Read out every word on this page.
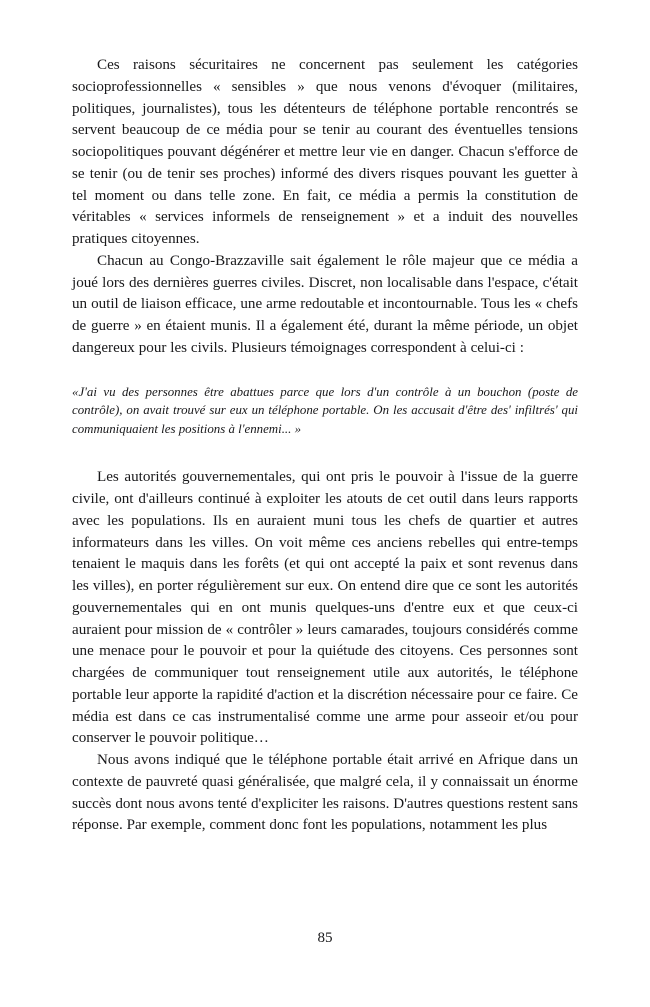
Ces raisons sécuritaires ne concernent pas seulement les catégories socioprofessionnelles « sensibles » que nous venons d'évoquer (militaires, politiques, journalistes), tous les détenteurs de téléphone portable rencontrés se servent beaucoup de ce média pour se tenir au courant des éventuelles tensions sociopolitiques pouvant dégénérer et mettre leur vie en danger. Chacun s'efforce de se tenir (ou de tenir ses proches) informé des divers risques pouvant les guetter à tel moment ou dans telle zone. En fait, ce média a permis la constitution de véritables « services informels de renseignement » et a induit des nouvelles pratiques citoyennes.

Chacun au Congo-Brazzaville sait également le rôle majeur que ce média a joué lors des dernières guerres civiles. Discret, non localisable dans l'espace, c'était un outil de liaison efficace, une arme redoutable et incontournable. Tous les « chefs de guerre » en étaient munis. Il a également été, durant la même période, un objet dangereux pour les civils. Plusieurs témoignages correspondent à celui-ci :

«J'ai vu des personnes être abattues parce que lors d'un contrôle à un bouchon (poste de contrôle), on avait trouvé sur eux un téléphone portable. On les accusait d'être des' infiltrés' qui communiquaient les positions à l'ennemi... »

Les autorités gouvernementales, qui ont pris le pouvoir à l'issue de la guerre civile, ont d'ailleurs continué à exploiter les atouts de cet outil dans leurs rapports avec les populations. Ils en auraient muni tous les chefs de quartier et autres informateurs dans les villes. On voit même ces anciens rebelles qui entre-temps tenaient le maquis dans les forêts (et qui ont accepté la paix et sont revenus dans les villes), en porter régulièrement sur eux. On entend dire que ce sont les autorités gouvernementales qui en ont munis quelques-uns d'entre eux et que ceux-ci auraient pour mission de « contrôler » leurs camarades, toujours considérés comme une menace pour le pouvoir et pour la quiétude des citoyens. Ces personnes sont chargées de communiquer tout renseignement utile aux autorités, le téléphone portable leur apporte la rapidité d'action et la discrétion nécessaire pour ce faire. Ce média est dans ce cas instrumentalisé comme une arme pour asseoir et/ou pour conserver le pouvoir politique…

Nous avons indiqué que le téléphone portable était arrivé en Afrique dans un contexte de pauvreté quasi généralisée, que malgré cela, il y connaissait un énorme succès dont nous avons tenté d'expliciter les raisons. D'autres questions restent sans réponse. Par exemple, comment donc font les populations, notamment les plus

85
